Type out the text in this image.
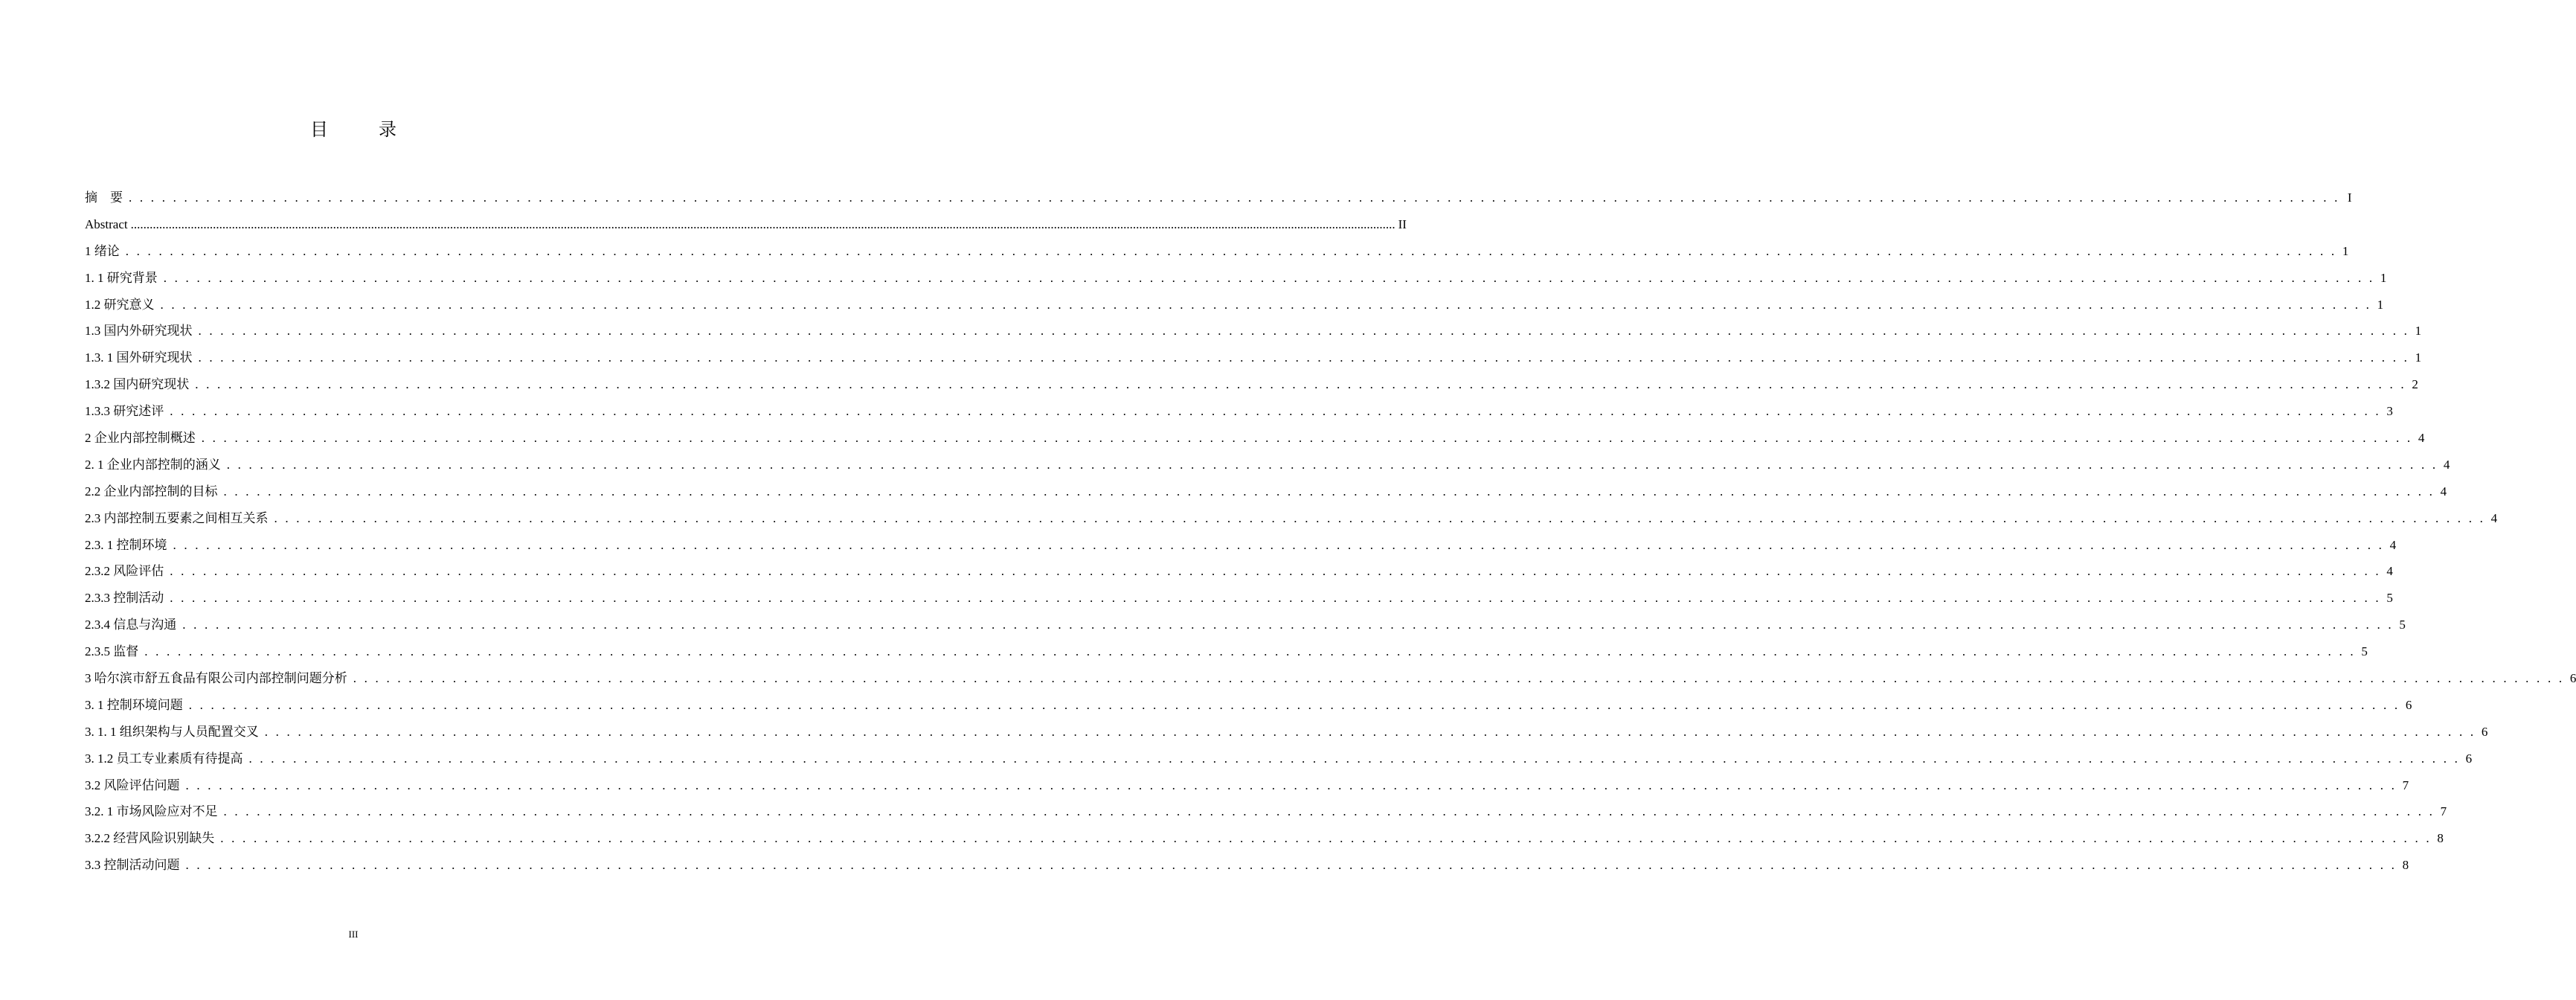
目　录
摘　要 . . . . . . . . . . . . . . . . . . . . . . . . . . . . . . . . . . . . . . . . . . . . . . . . . . . . . . . . . . . . . . . . . . . . . . . . . . . . . . . . . . . . . . . . . . . . . . . . . . . . . . . . . . . . . . . . . . . . . . . . . . . . . . . . . . . . . . . . . . . . . . . . . . . . . . . . . . . . . . . . . . . . . . . . . . . . . . . . . . . . . . . . . . . . . . . . . . . . . . . . I
Abstract ................................................................................................................................................................................................................................................................................................................................................................................................................ II
1 绪论 . . . . . . . . . . . . . . . . . . . . . . . . . . . . . . . . . . . . . . . . . . . . . . . . . . . . . . . . . . . . . . . . . . . . . . . . . . . . . . . . . . . . . . . . . . . . . . . . . . . . . . . . . . . . . . . . . . . . . . . . . . . . . . . . . . . . . . . . . . . . . . . . . . . . . . . . . . . . . . . . . . . . . . . . . . . . . . . . . . . . . . . . . . . . . . . . . . . . . . . . 1
1. 1 研究背景 . . . . . . . . . . . . . . . . . . . . . . . . . . . . . . . . . . . . . . . . . . . . . . . . . . . . . . . . . . . . . . . . . . . . . . . . . . . . . . . . . . . . . . . . . . . . . . . . . . . . . . . . . . . . . . . . . . . . . . . . . . . . . . . . . . . . . . . . . . . . . . . . . . . . . . . . . . . . . . . . . . . . . . . . . . . . . . . . . . . . . . . . . . . . . . . . . . . . . . . . 1
1.2 研究意义 . . . . . . . . . . . . . . . . . . . . . . . . . . . . . . . . . . . . . . . . . . . . . . . . . . . . . . . . . . . . . . . . . . . . . . . . . . . . . . . . . . . . . . . . . . . . . . . . . . . . . . . . . . . . . . . . . . . . . . . . . . . . . . . . . . . . . . . . . . . . . . . . . . . . . . . . . . . . . . . . . . . . . . . . . . . . . . . . . . . . . . . . . . . . . . . . . . . . . . . . 1
1.3 国内外研究现状 . . . . . . . . . . . . . . . . . . . . . . . . . . . . . . . . . . . . . . . . . . . . . . . . . . . . . . . . . . . . . . . . . . . . . . . . . . . . . . . . . . . . . . . . . . . . . . . . . . . . . . . . . . . . . . . . . . . . . . . . . . . . . . . . . . . . . . . . . . . . . . . . . . . . . . . . . . . . . . . . . . . . . . . . . . . . . . . . . . . . . . . . . . . . . . . . . . . . . . . . 1
1.3. 1 国外研究现状 . . . . . . . . . . . . . . . . . . . . . . . . . . . . . . . . . . . . . . . . . . . . . . . . . . . . . . . . . . . . . . . . . . . . . . . . . . . . . . . . . . . . . . . . . . . . . . . . . . . . . . . . . . . . . . . . . . . . . . . . . . . . . . . . . . . . . . . . . . . . . . . . . . . . . . . . . . . . . . . . . . . . . . . . . . . . . . . . . . . . . . . . . . . . . . . . . . . . . . . . 1
1.3.2 国内研究现状 . . . . . . . . . . . . . . . . . . . . . . . . . . . . . . . . . . . . . . . . . . . . . . . . . . . . . . . . . . . . . . . . . . . . . . . . . . . . . . . . . . . . . . . . . . . . . . . . . . . . . . . . . . . . . . . . . . . . . . . . . . . . . . . . . . . . . . . . . . . . . . . . . . . . . . . . . . . . . . . . . . . . . . . . . . . . . . . . . . . . . . . . . . . . . . . . . . . . . . . . 2
1.3.3 研究述评 . . . . . . . . . . . . . . . . . . . . . . . . . . . . . . . . . . . . . . . . . . . . . . . . . . . . . . . . . . . . . . . . . . . . . . . . . . . . . . . . . . . . . . . . . . . . . . . . . . . . . . . . . . . . . . . . . . . . . . . . . . . . . . . . . . . . . . . . . . . . . . . . . . . . . . . . . . . . . . . . . . . . . . . . . . . . . . . . . . . . . . . . . . . . . . . . . . . . . . . . 3
2 企业内部控制概述 . . . . . . . . . . . . . . . . . . . . . . . . . . . . . . . . . . . . . . . . . . . . . . . . . . . . . . . . . . . . . . . . . . . . . . . . . . . . . . . . . . . . . . . . . . . . . . . . . . . . . . . . . . . . . . . . . . . . . . . . . . . . . . . . . . . . . . . . . . . . . . . . . . . . . . . . . . . . . . . . . . . . . . . . . . . . . . . . . . . . . . . . . . . . . . . . . . . . . . . . 4
2. 1 企业内部控制的涵义 . . . . . . . . . . . . . . . . . . . . . . . . . . . . . . . . . . . . . . . . . . . . . . . . . . . . . . . . . . . . . . . . . . . . . . . . . . . . . . . . . . . . . . . . . . . . . . . . . . . . . . . . . . . . . . . . . . . . . . . . . . . . . . . . . . . . . . . . . . . . . . . . . . . . . . . . . . . . . . . . . . . . . . . . . . . . . . . . . . . . . . . . . . . . . . . . . . . . . . . . 4
2.2 企业内部控制的目标 . . . . . . . . . . . . . . . . . . . . . . . . . . . . . . . . . . . . . . . . . . . . . . . . . . . . . . . . . . . . . . . . . . . . . . . . . . . . . . . . . . . . . . . . . . . . . . . . . . . . . . . . . . . . . . . . . . . . . . . . . . . . . . . . . . . . . . . . . . . . . . . . . . . . . . . . . . . . . . . . . . . . . . . . . . . . . . . . . . . . . . . . . . . . . . . . . . . . . . . . 4
2.3 内部控制五要素之间相互关系 . . . . . . . . . . . . . . . . . . . . . . . . . . . . . . . . . . . . . . . . . . . . . . . . . . . . . . . . . . . . . . . . . . . . . . . . . . . . . . . . . . . . . . . . . . . . . . . . . . . . . . . . . . . . . . . . . . . . . . . . . . . . . . . . . . . . . . . . . . . . . . . . . . . . . . . . . . . . . . . . . . . . . . . . . . . . . . . . . . . . . . . . . . . . . . . . . . . . . . . . 4
2.3. 1 控制环境 . . . . . . . . . . . . . . . . . . . . . . . . . . . . . . . . . . . . . . . . . . . . . . . . . . . . . . . . . . . . . . . . . . . . . . . . . . . . . . . . . . . . . . . . . . . . . . . . . . . . . . . . . . . . . . . . . . . . . . . . . . . . . . . . . . . . . . . . . . . . . . . . . . . . . . . . . . . . . . . . . . . . . . . . . . . . . . . . . . . . . . . . . . . . . . . . . . . . . . . . 4
2.3.2 风险评估 . . . . . . . . . . . . . . . . . . . . . . . . . . . . . . . . . . . . . . . . . . . . . . . . . . . . . . . . . . . . . . . . . . . . . . . . . . . . . . . . . . . . . . . . . . . . . . . . . . . . . . . . . . . . . . . . . . . . . . . . . . . . . . . . . . . . . . . . . . . . . . . . . . . . . . . . . . . . . . . . . . . . . . . . . . . . . . . . . . . . . . . . . . . . . . . . . . . . . . . . 4
2.3.3 控制活动 . . . . . . . . . . . . . . . . . . . . . . . . . . . . . . . . . . . . . . . . . . . . . . . . . . . . . . . . . . . . . . . . . . . . . . . . . . . . . . . . . . . . . . . . . . . . . . . . . . . . . . . . . . . . . . . . . . . . . . . . . . . . . . . . . . . . . . . . . . . . . . . . . . . . . . . . . . . . . . . . . . . . . . . . . . . . . . . . . . . . . . . . . . . . . . . . . . . . . . . . 5
2.3.4 信息与沟通 . . . . . . . . . . . . . . . . . . . . . . . . . . . . . . . . . . . . . . . . . . . . . . . . . . . . . . . . . . . . . . . . . . . . . . . . . . . . . . . . . . . . . . . . . . . . . . . . . . . . . . . . . . . . . . . . . . . . . . . . . . . . . . . . . . . . . . . . . . . . . . . . . . . . . . . . . . . . . . . . . . . . . . . . . . . . . . . . . . . . . . . . . . . . . . . . . . . . . . . . 5
2.3.5 监督 . . . . . . . . . . . . . . . . . . . . . . . . . . . . . . . . . . . . . . . . . . . . . . . . . . . . . . . . . . . . . . . . . . . . . . . . . . . . . . . . . . . . . . . . . . . . . . . . . . . . . . . . . . . . . . . . . . . . . . . . . . . . . . . . . . . . . . . . . . . . . . . . . . . . . . . . . . . . . . . . . . . . . . . . . . . . . . . . . . . . . . . . . . . . . . . . . . . . . . . . 5
3 哈尔滨市舒五食品有限公司内部控制问题分析 . . . . . . . . . . . . . . . . . . . . . . . . . . . . . . . . . . . . . . . . . . . . . . . . . . . . . . . . . . . . . . . . . . . . . . . . . . . . . . . . . . . . . . . . . . . . . . . . . . . . . . . . . . . . . . . . . . . . . . . . . . . . . . . . . . . . . . . . . . . . . . . . . . . . . . . . . . . . . . . . . . . . . . . . . . . . . . . . . . . . . . . . . . . . . . . . . . . . . . . . 6
3. 1 控制环境问题 . . . . . . . . . . . . . . . . . . . . . . . . . . . . . . . . . . . . . . . . . . . . . . . . . . . . . . . . . . . . . . . . . . . . . . . . . . . . . . . . . . . . . . . . . . . . . . . . . . . . . . . . . . . . . . . . . . . . . . . . . . . . . . . . . . . . . . . . . . . . . . . . . . . . . . . . . . . . . . . . . . . . . . . . . . . . . . . . . . . . . . . . . . . . . . . . . . . . . . . . 6
3. 1. 1 组织架构与人员配置交叉 . . . . . . . . . . . . . . . . . . . . . . . . . . . . . . . . . . . . . . . . . . . . . . . . . . . . . . . . . . . . . . . . . . . . . . . . . . . . . . . . . . . . . . . . . . . . . . . . . . . . . . . . . . . . . . . . . . . . . . . . . . . . . . . . . . . . . . . . . . . . . . . . . . . . . . . . . . . . . . . . . . . . . . . . . . . . . . . . . . . . . . . . . . . . . . . . . . . . . . . . 6
3. 1.2 员工专业素质有待提高 . . . . . . . . . . . . . . . . . . . . . . . . . . . . . . . . . . . . . . . . . . . . . . . . . . . . . . . . . . . . . . . . . . . . . . . . . . . . . . . . . . . . . . . . . . . . . . . . . . . . . . . . . . . . . . . . . . . . . . . . . . . . . . . . . . . . . . . . . . . . . . . . . . . . . . . . . . . . . . . . . . . . . . . . . . . . . . . . . . . . . . . . . . . . . . . . . . . . . . . . 6
3.2 风险评估问题 . . . . . . . . . . . . . . . . . . . . . . . . . . . . . . . . . . . . . . . . . . . . . . . . . . . . . . . . . . . . . . . . . . . . . . . . . . . . . . . . . . . . . . . . . . . . . . . . . . . . . . . . . . . . . . . . . . . . . . . . . . . . . . . . . . . . . . . . . . . . . . . . . . . . . . . . . . . . . . . . . . . . . . . . . . . . . . . . . . . . . . . . . . . . . . . . . . . . . . . . 7
3.2. 1 市场风险应对不足 . . . . . . . . . . . . . . . . . . . . . . . . . . . . . . . . . . . . . . . . . . . . . . . . . . . . . . . . . . . . . . . . . . . . . . . . . . . . . . . . . . . . . . . . . . . . . . . . . . . . . . . . . . . . . . . . . . . . . . . . . . . . . . . . . . . . . . . . . . . . . . . . . . . . . . . . . . . . . . . . . . . . . . . . . . . . . . . . . . . . . . . . . . . . . . . . . . . . . . . . 7
3.2.2 经营风险识别缺失 . . . . . . . . . . . . . . . . . . . . . . . . . . . . . . . . . . . . . . . . . . . . . . . . . . . . . . . . . . . . . . . . . . . . . . . . . . . . . . . . . . . . . . . . . . . . . . . . . . . . . . . . . . . . . . . . . . . . . . . . . . . . . . . . . . . . . . . . . . . . . . . . . . . . . . . . . . . . . . . . . . . . . . . . . . . . . . . . . . . . . . . . . . . . . . . . . . . . . . . . 8
3.3 控制活动问题 . . . . . . . . . . . . . . . . . . . . . . . . . . . . . . . . . . . . . . . . . . . . . . . . . . . . . . . . . . . . . . . . . . . . . . . . . . . . . . . . . . . . . . . . . . . . . . . . . . . . . . . . . . . . . . . . . . . . . . . . . . . . . . . . . . . . . . . . . . . . . . . . . . . . . . . . . . . . . . . . . . . . . . . . . . . . . . . . . . . . . . . . . . . . . . . . . . . . . . . . 8
III
